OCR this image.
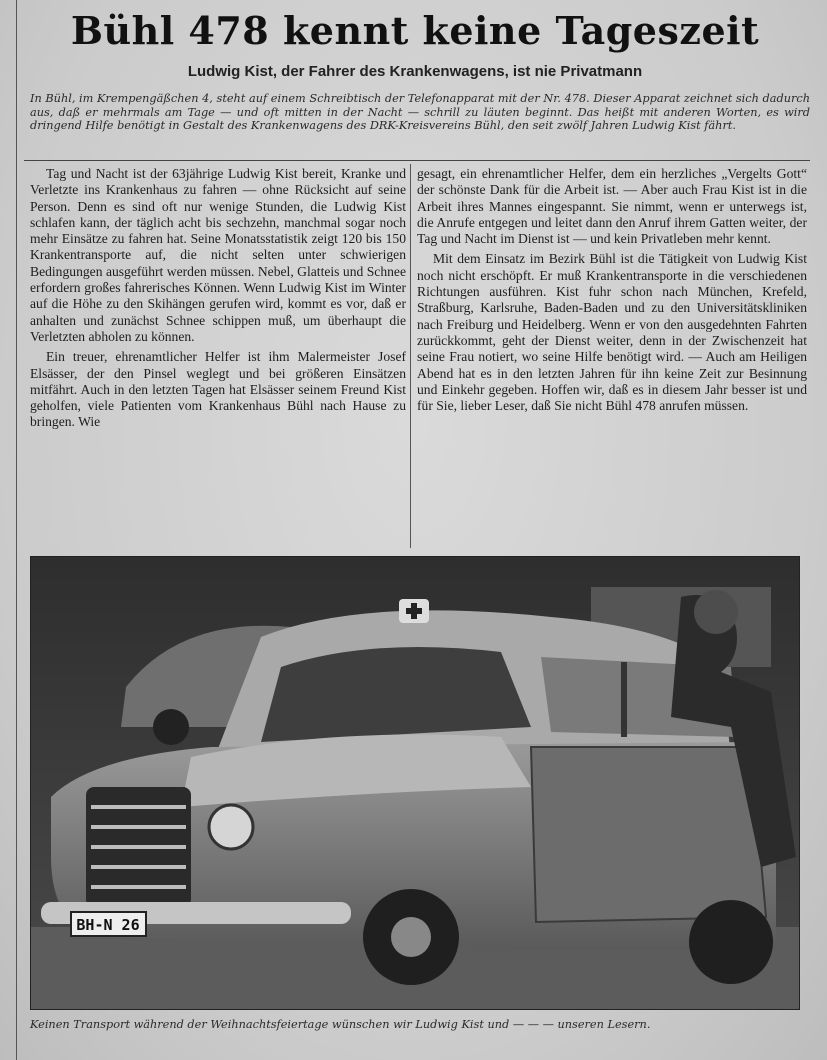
Bühl 478 kennt keine Tageszeit
Ludwig Kist, der Fahrer des Krankenwagens, ist nie Privatmann
In Bühl, im Krempengäßchen 4, steht auf einem Schreibtisch der Telefonapparat mit der Nr. 478. Dieser Apparat zeichnet sich dadurch aus, daß er mehrmals am Tage — und oft mitten in der Nacht — schrill zu läuten beginnt. Das heißt mit anderen Worten, es wird dringend Hilfe benötigt in Gestalt des Krankenwagens des DRK-Kreisvereins Bühl, den seit zwölf Jahren Ludwig Kist fährt.

Tag und Nacht ist der 63jährige Ludwig Kist bereit, Kranke und Verletzte ins Krankenhaus zu fahren — ohne Rücksicht auf seine Person. Denn es sind oft nur wenige Stunden, die Ludwig Kist schlafen kann, der täglich acht bis sechzehn, manchmal sogar noch mehr Einsätze zu fahren hat. Seine Monatsstatistik zeigt 120 bis 150 Krankentransporte auf, die nicht selten unter schwierigen Bedingungen ausgeführt werden müssen. Nebel, Glatteis und Schnee erfordern großes fahrerisches Können. Wenn Ludwig Kist im Winter auf die Höhe zu den Skihängen gerufen wird, kommt es vor, daß er anhalten und zunächst Schnee schippen muß, um überhaupt die Verletzten abholen zu können.

Ein treuer, ehrenamtlicher Helfer ist ihm Malermeister Josef Elsässer, der den Pinsel weglegt und bei größeren Einsätzen mitfährt. Auch in den letzten Tagen hat Elsässer seinem Freund Kist geholfen, viele Patienten vom Krankenhaus Bühl nach Hause zu bringen. Wie

gesagt, ein ehrenamtlicher Helfer, dem ein herzliches „Vergelts Gott“ der schönste Dank für die Arbeit ist. — Aber auch Frau Kist ist in die Arbeit ihres Mannes eingespannt. Sie nimmt, wenn er unterwegs ist, die Anrufe entgegen und leitet dann den Anruf ihrem Gatten weiter, der Tag und Nacht im Dienst ist — und kein Privatleben mehr kennt.

Mit dem Einsatz im Bezirk Bühl ist die Tätigkeit von Ludwig Kist noch nicht erschöpft. Er muß Krankentransporte in die verschiedenen Richtungen ausführen. Kist fuhr schon nach München, Krefeld, Straßburg, Karlsruhe, Baden-Baden und zu den Universitätskliniken nach Freiburg und Heidelberg. Wenn er von den ausgedehnten Fahrten zurückkommt, geht der Dienst weiter, denn in der Zwischenzeit hat seine Frau notiert, wo seine Hilfe benötigt wird. — Auch am Heiligen Abend hat es in den letzten Jahren für ihn keine Zeit zur Besinnung und Einkehr gegeben. Hoffen wir, daß es in diesem Jahr besser ist und für Sie, lieber Leser, daß Sie nicht Bühl 478 anrufen müssen.

BH-N 26
Keinen Transport während der Weihnachtsfeiertage wünschen wir Ludwig Kist und — — — unseren Lesern.
